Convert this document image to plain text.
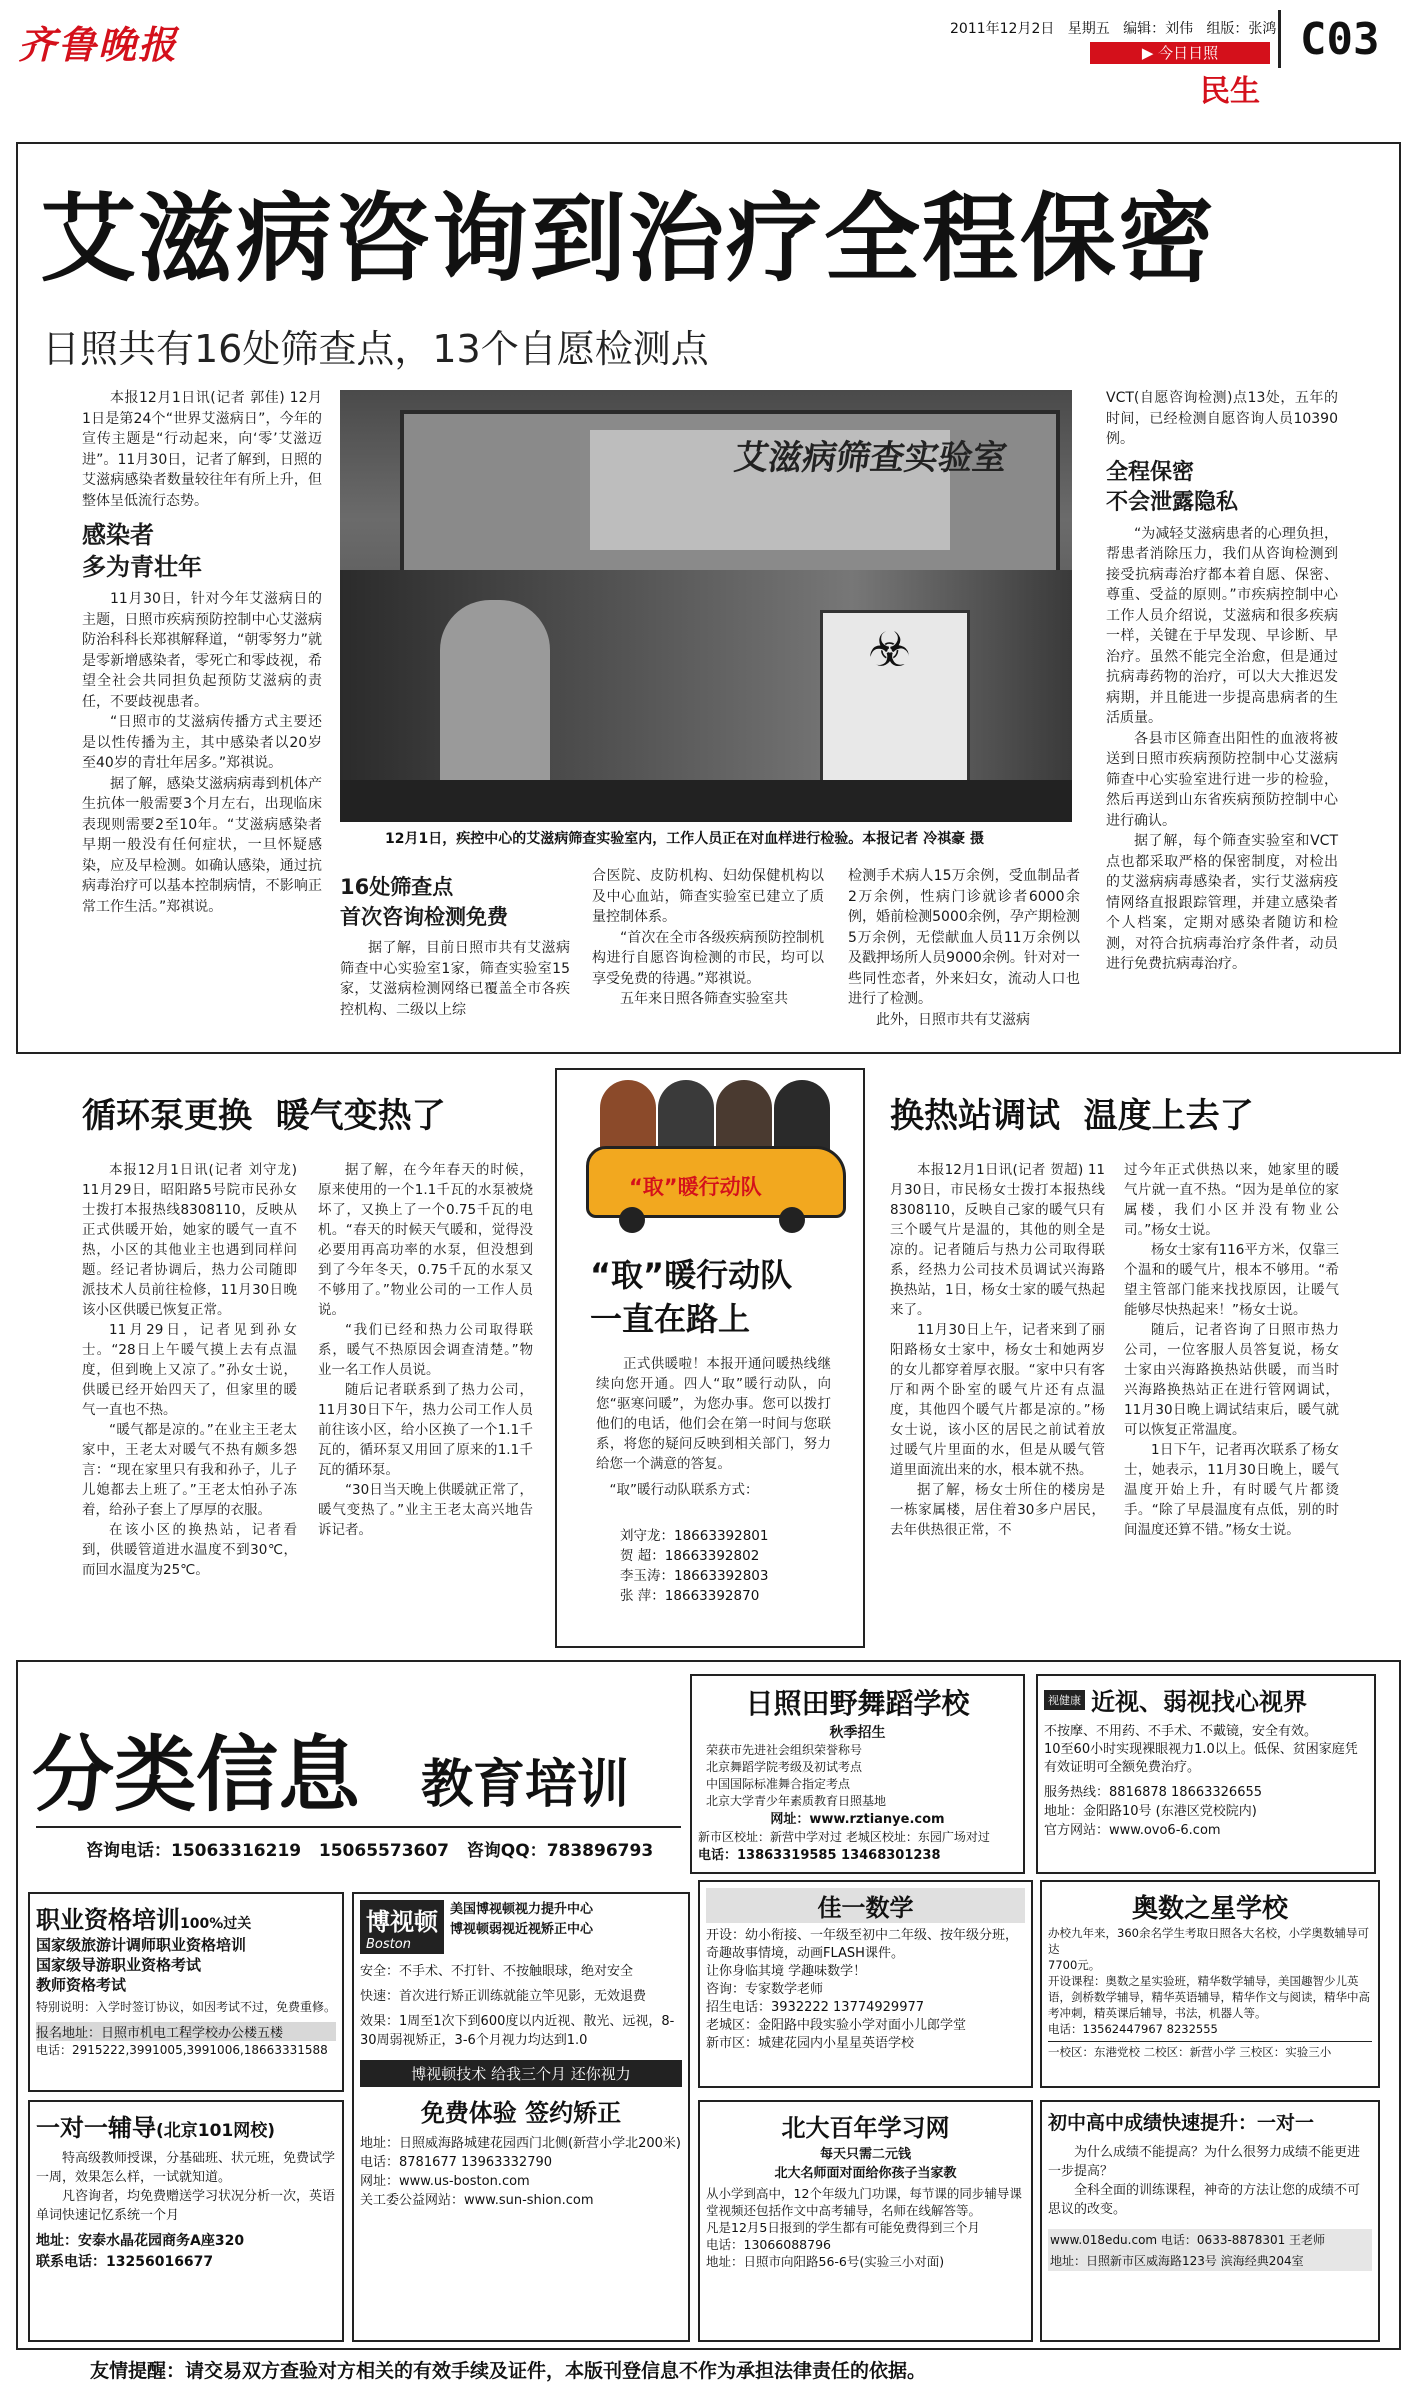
齐鲁晚报	2011年12月2日 星期五 编辑：刘伟 组版：张鸿
▶ 今日日照
民生
C03
艾滋病咨询到治疗全程保密
日照共有16处筛查点，13个自愿检测点

本报12月1日讯(记者 郭佳) 12月1日是第24个“世界艾滋病日”，今年的宣传主题是“行动起来，向‘零’艾滋迈进”。11月30日，记者了解到，日照的艾滋病感染者数量较往年有所上升，但整体呈低流行态势。

感染者
多为青壮年

11月30日，针对今年艾滋病日的主题，日照市疾病预防控制中心艾滋病防治科科长郑祺解释道，“朝零努力”就是零新增感染者，零死亡和零歧视，希望全社会共同担负起预防艾滋病的责任，不要歧视患者。

“日照市的艾滋病传播方式主要还是以性传播为主，其中感染者以20岁至40岁的青壮年居多。”郑祺说。

据了解，感染艾滋病病毒到机体产生抗体一般需要3个月左右，出现临床表现则需要2至10年。“艾滋病感染者早期一般没有任何症状，一旦怀疑感染，应及早检测。如确认感染，通过抗病毒治疗可以基本控制病情，不影响正常工作生活。”郑祺说。

艾滋病筛查实验室
☣
12月1日，疾控中心的艾滋病筛查实验室内，工作人员正在对血样进行检验。本报记者 冷祺豪 摄
16处筛查点
首次咨询检测免费

据了解，目前日照市共有艾滋病筛查中心实验室1家，筛查实验室15家，艾滋病检测网络已覆盖全市各疾控机构、二级以上综

合医院、皮防机构、妇幼保健机构以及中心血站，筛查实验室已建立了质量控制体系。

“首次在全市各级疾病预防控制机构进行自愿咨询检测的市民，均可以享受免费的待遇。”郑祺说。

五年来日照各筛查实验室共

检测手术病人15万余例，受血制品者2万余例，性病门诊就诊者6000余例，婚前检测5000余例，孕产期检测5万余例，无偿献血人员11万余例以及戳押场所人员9000余例。针对对一些同性恋者，外来妇女，流动人口也进行了检测。

此外，日照市共有艾滋病

VCT(自愿咨询检测)点13处，五年的时间，已经检测自愿咨询人员10390例。

全程保密
不会泄露隐私

“为减轻艾滋病患者的心理负担，帮患者消除压力，我们从咨询检测到接受抗病毒治疗都本着自愿、保密、尊重、受益的原则。”市疾病控制中心工作人员介绍说，艾滋病和很多疾病一样，关键在于早发现、早诊断、早治疗。虽然不能完全治愈，但是通过抗病毒药物的治疗，可以大大推迟发病期，并且能进一步提高患病者的生活质量。

各县市区筛查出阳性的血液将被送到日照市疾病预防控制中心艾滋病筛查中心实验室进行进一步的检验，然后再送到山东省疾病预防控制中心进行确认。

据了解，每个筛查实验室和VCT点也都采取严格的保密制度，对检出的艾滋病病毒感染者，实行艾滋病疫情网络直报跟踪管理，并建立感染者个人档案，定期对感染者随访和检测，对符合抗病毒治疗条件者，动员进行免费抗病毒治疗。

循环泵更换  暖气变热了

本报12月1日讯(记者 刘守龙) 11月29日，昭阳路5号院市民孙女士拨打本报热线8308110，反映从正式供暖开始，她家的暖气一直不热，小区的其他业主也遇到同样问题。经记者协调后，热力公司随即派技术人员前往检修，11月30日晚该小区供暖已恢复正常。

11月29日，记者见到孙女士。“28日上午暖气摸上去有点温度，但到晚上又凉了。”孙女士说，供暖已经开始四天了，但家里的暖气一直也不热。

“暖气都是凉的。”在业主王老太家中，王老太对暖气不热有颇多怨言：“现在家里只有我和孙子，儿子儿媳都去上班了。”王老太怕孙子冻着，给孙子套上了厚厚的衣服。

在该小区的换热站，记者看到，供暖管道进水温度不到30℃，而回水温度为25℃。

据了解，在今年春天的时候，原来使用的一个1.1千瓦的水泵被烧坏了，又换上了一个0.75千瓦的电机。“春天的时候天气暖和，觉得没必要用再高功率的水泵，但没想到到了今年冬天，0.75千瓦的水泵又不够用了。”物业公司的一工作人员说。

“我们已经和热力公司取得联系，暖气不热原因会调查清楚。”物业一名工作人员说。

随后记者联系到了热力公司，11月30日下午，热力公司工作人员前往该小区，给小区换了一个1.1千瓦的，循环泵又用回了原来的1.1千瓦的循环泵。

“30日当天晚上供暖就正常了，暖气变热了。”业主王老太高兴地告诉记者。

“取”暖行动队
“取”暖行动队
一直在路上

正式供暖啦！本报开通问暖热线继续向您开通。四人“取”暖行动队，向您“驱寒问暖”，为您办事。您可以拨打他们的电话，他们会在第一时间与您联系，将您的疑问反映到相关部门，努力给您一个满意的答复。

“取”暖行动队联系方式：
刘守龙：18663392801
贺 超：18663392802
李玉涛：18663392803
张 萍：18663392870
换热站调试  温度上去了

本报12月1日讯(记者 贺超) 11月30日，市民杨女士拨打本报热线8308110，反映自己家的暖气只有三个暖气片是温的，其他的则全是凉的。记者随后与热力公司取得联系，经热力公司技术员调试兴海路换热站，1日，杨女士家的暖气热起来了。

11月30日上午，记者来到了丽阳路杨女士家中，杨女士和她两岁的女儿都穿着厚衣服。“家中只有客厅和两个卧室的暖气片还有点温度，其他四个暖气片都是凉的。”杨女士说，该小区的居民之前试着放过暖气片里面的水，但是从暖气管道里面流出来的水，根本就不热。

据了解，杨女士所住的楼房是一栋家属楼，居住着30多户居民，去年供热很正常，不

过今年正式供热以来，她家里的暖气片就一直不热。“因为是单位的家属楼，我们小区并没有物业公司。”杨女士说。

杨女士家有116平方米，仅靠三个温和的暖气片，根本不够用。“希望主管部门能来找找原因，让暖气能够尽快热起来！”杨女士说。

随后，记者咨询了日照市热力公司，一位客服人员答复说，杨女士家由兴海路换热站供暖，而当时兴海路换热站正在进行管网调试，11月30日晚上调试结束后，暖气就可以恢复正常温度。

1日下午，记者再次联系了杨女士，她表示，11月30日晚上，暖气温度开始上升，有时暖气片都烫手。“除了早晨温度有点低，别的时间温度还算不错。”杨女士说。

分类信息 教育培训
咨询电话：15063316219 15065573607 咨询QQ：783896793
日照田野舞蹈学校
秋季招生
荣获市先进社会组织荣誉称号
北京舞蹈学院考级及初试考点
中国国际标准舞合指定考点
北京大学青少年素质教育日照基地
网址：www.rztianye.com
新市区校址：新营中学对过 老城区校址：东园广场对过
电话：13863319585 13468301238
视健康 近视、弱视找心视界
不按摩、不用药、不手术、不戴镜，安全有效。
10至60小时实现裸眼视力1.0以上。低保、贫困家庭凭有效证明可全额免费治疗。
服务热线：8816878 18663326655
地址：金阳路10号 (东港区党校院内)
官方网站：www.ovo6-6.com
职业资格培训100%过关
国家级旅游计调师职业资格培训
国家级导游职业资格考试
教师资格考试
特别说明：入学时签订协议，如因考试不过，免费重修。
报名地址：日照市机电工程学校办公楼五楼
电话：2915222,3991005,3991006,18663331588
博视顿
Boston
美国博视顿视力提升中心
博视顿弱视近视矫正中心
安全：不手术、不打针、不按触眼球，绝对安全
快速：首次进行矫正训练就能立竿见影，无效退费
效果：1周至1次下到600度以内近视、散光、远视，8-30周弱视矫正，3-6个月视力均达到1.0
博视顿技术 给我三个月 还你视力
免费体验 签约矫正
地址：日照威海路城建花园西门北侧(新营小学北200米)
电话：8781677 13963332790
网址：www.us-boston.com
关工委公益网站：www.sun-shion.com
佳一数学
开设：幼小衔接、一年级至初中二年级、按年级分班，奇趣故事情境，动画FLASH课件。
让你身临其境 学趣味数学！
咨询：专家数学老师
招生电话：3932222 13774929977
老城区：金阳路中段实验小学对面小儿郎学堂
新市区：城建花园内小星星英语学校
奥数之星学校
办校九年来，360余名学生考取日照各大名校，小学奥数辅导可达
7700元。
开设课程：奥数之星实验班，精华数学辅导，美国趣智少儿英语，剑桥数学辅导，精华英语辅导，精华作文与阅读，精华中高考冲刺，精英课后辅导，书法，机器人等。
电话：13562447967 8232555
一校区：东港党校 二校区：新营小学 三校区：实验三小
一对一辅导(北京101网校)

特高级教师授课，分基础班、状元班，免费试学一周，效果怎么样，一试就知道。

凡咨询者，均免费赠送学习状况分析一次，英语单词快速记忆系统一个月

地址：安泰水晶花园商务A座320
联系电话：13256016677
北大百年学习网
每天只需二元钱
北大名师面对面给你孩子当家教
从小学到高中，12个年级九门功课，每节课的同步辅导课堂视频还包括作文中高考辅导，名师在线解答等。
凡是12月5日报到的学生都有可能免费得到三个月
电话：13066088796
地址：日照市向阳路56-6号(实验三小对面)
初中高中成绩快速提升：一对一

为什么成绩不能提高？为什么很努力成绩不能更进一步提高？

全科全面的训练课程，神奇的方法让您的成绩不可思议的改变。

www.018edu.com 电话：0633-8878301 王老师
地址：日照新市区威海路123号 滨海经典204室
友情提醒：请交易双方查验对方相关的有效手续及证件，本版刊登信息不作为承担法律责任的依据。
